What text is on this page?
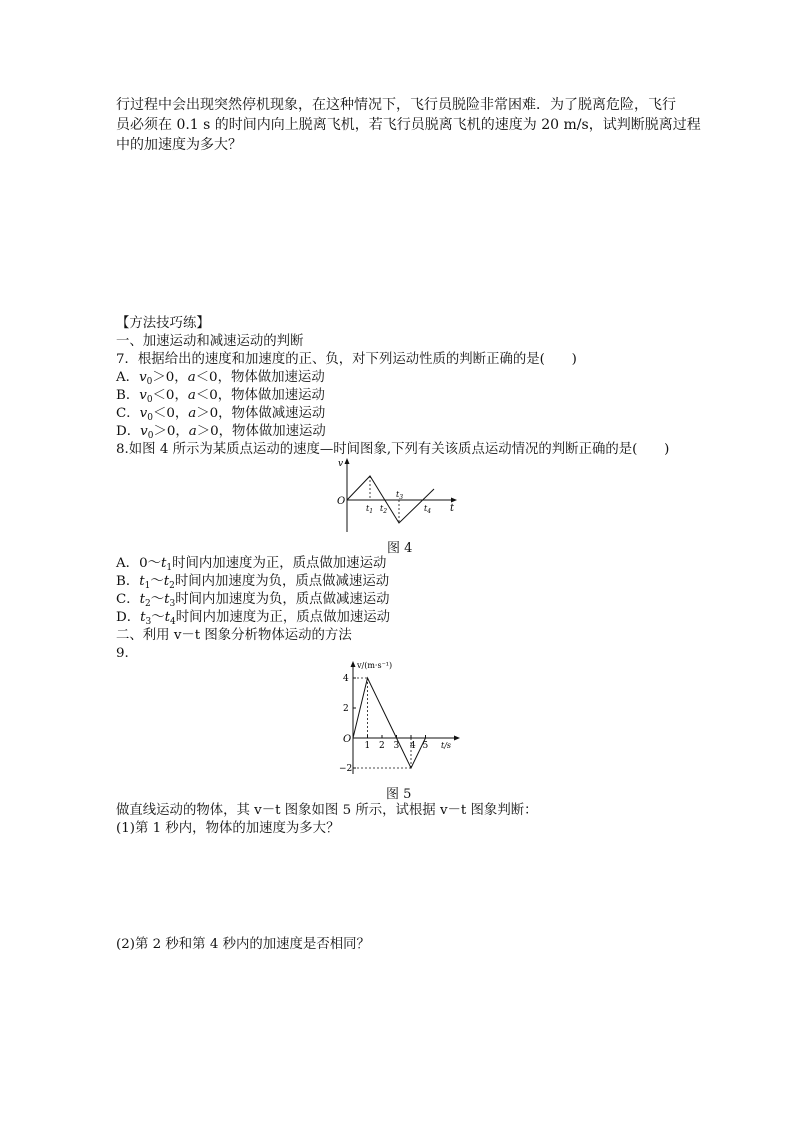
行过程中会出现突然停机现象，在这种情况下，飞行员脱险非常困难．为了脱离危险，飞行
员必须在 0.1 s 的时间内向上脱离飞机，若飞行员脱离飞机的速度为 20 m/s，试判断脱离过程
中的加速度为多大？
【方法技巧练】
一、加速运动和减速运动的判断
7．根据给出的速度和加速度的正、负，对下列运动性质的判断正确的是(　　)
A．$v_0>0$，a＜0，物体做加速运动
B．$v_0<0$，a＜0，物体做加速运动
C．$v_0<0$，a＞0，物体做减速运动
D．$v_0>0$，a＞0，物体做加速运动
8.如图 4 所示为某质点运动的速度—时间图象,下列有关该质点运动情况的判断正确的是(　　)
v
O
t
$t_1$ $t_2$
$t_3$
$t_4$
图 4
A．$0\sim t_1$时间内加速度为正，质点做加速运动
B．$t_1\sim t_2$时间内加速度为负，质点做减速运动
C．$t_2\sim t_3$时间内加速度为负，质点做减速运动
D．$t_3\sim t_4$时间内加速度为正，质点做加速运动
二、利用 v－t 图象分析物体运动的方法
9.
4
2
−2
1 2 3 4 5
v/(m·s⁻¹)
O
t/s
图 5
做直线运动的物体，其 v－t 图象如图 5 所示，试根据 v－t 图象判断：
(1)第 1 秒内，物体的加速度为多大？
(2)第 2 秒和第 4 秒内的加速度是否相同？
